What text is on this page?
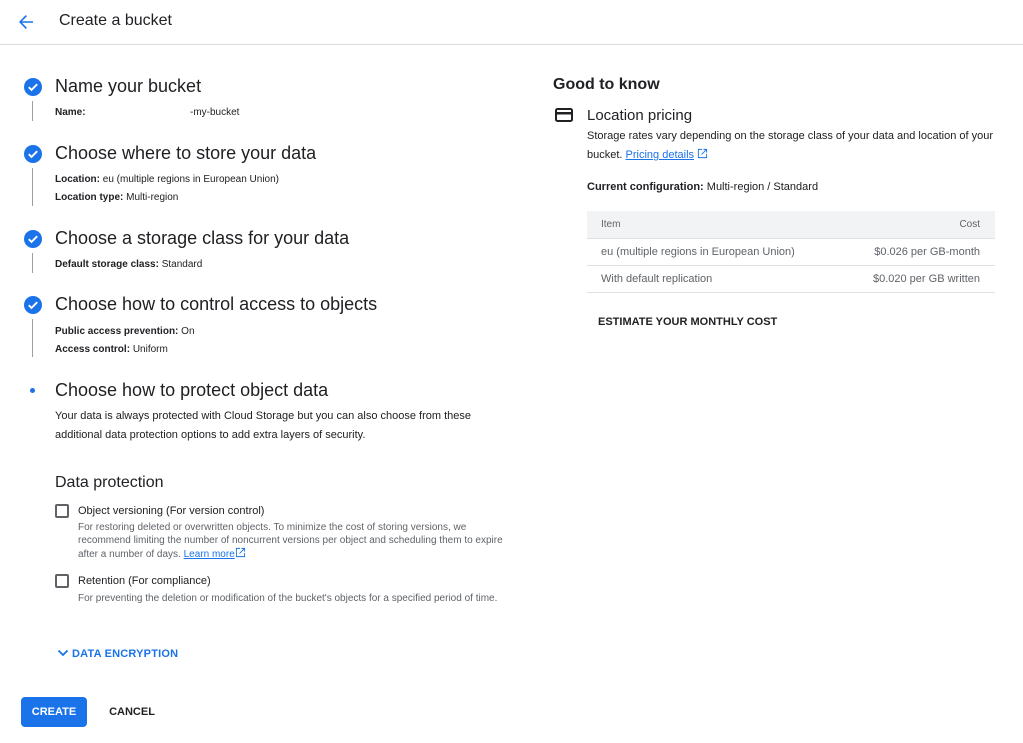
Create a bucket
Name your bucket
Name:	-my-bucket
Choose where to store your data
Location: eu (multiple regions in European Union)
Location type: Multi-region
Choose a storage class for your data
Default storage class: Standard
Choose how to control access to objects
Public access prevention: On
Access control: Uniform
Choose how to protect object data
Your data is always protected with Cloud Storage but you can also choose from these additional data protection options to add extra layers of security.
Data protection
Object versioning (For version control)
For restoring deleted or overwritten objects. To minimize the cost of storing versions, we recommend limiting the number of noncurrent versions per object and scheduling them to expire after a number of days. Learn more
Retention (For compliance)
For preventing the deletion or modification of the bucket's objects for a specified period of time.
DATA ENCRYPTION
CREATE	CANCEL
Good to know
Location pricing
Storage rates vary depending on the storage class of your data and location of your bucket. Pricing details
Current configuration: Multi-region / Standard
Item	Cost
eu (multiple regions in European Union)	$0.026 per GB-month
With default replication	$0.020 per GB written
ESTIMATE YOUR MONTHLY COST
